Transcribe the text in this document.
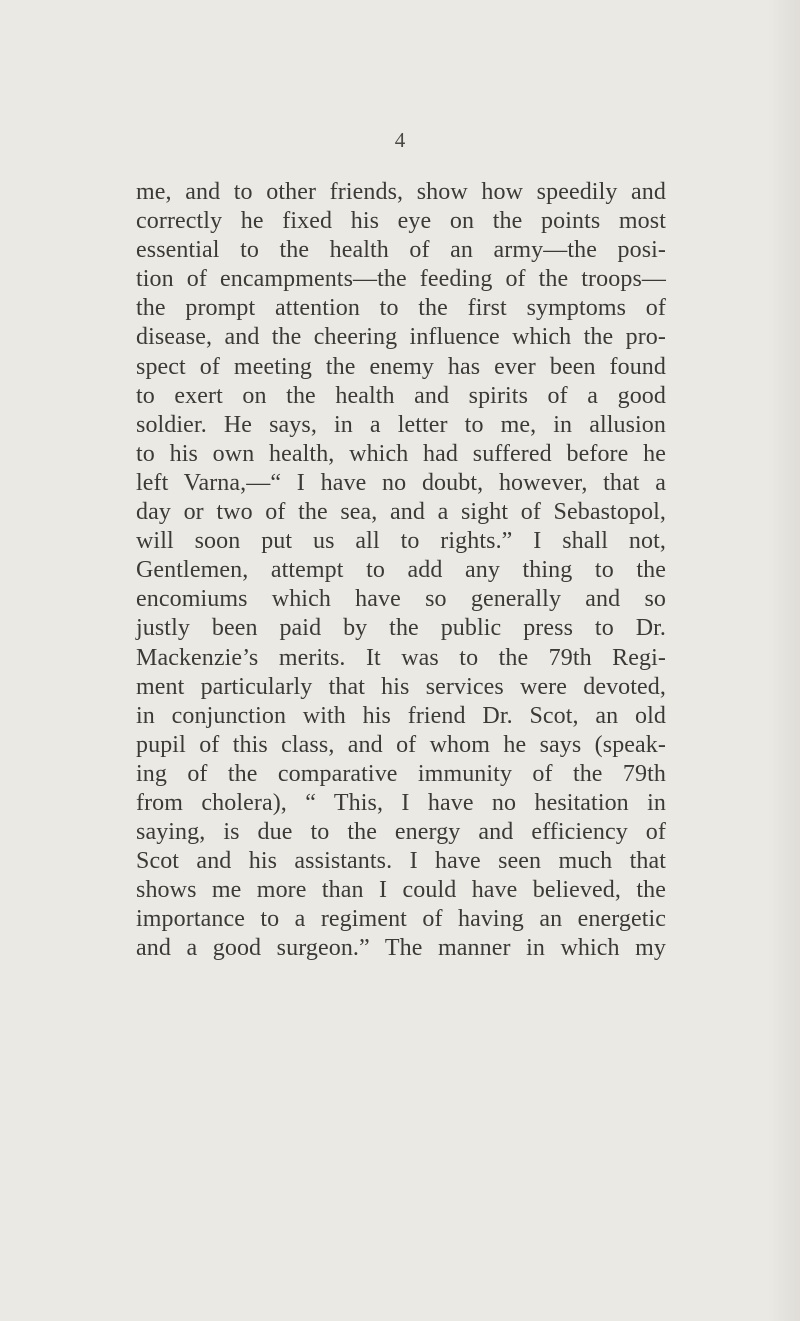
4
me, and to other friends, show how speedily and
correctly he fixed his eye on the points most
essential to the health of an army—the posi-
tion of encampments—the feeding of the troops—
the prompt attention to the first symptoms of
disease, and the cheering influence which the pro-
spect of meeting the enemy has ever been found
to exert on the health and spirits of a good
soldier. He says, in a letter to me, in allusion
to his own health, which had suffered before he
left Varna,—“ I have no doubt, however, that a
day or two of the sea, and a sight of Sebastopol,
will soon put us all to rights.” I shall not,
Gentlemen, attempt to add any thing to the
encomiums which have so generally and so
justly been paid by the public press to Dr.
Mackenzie’s merits. It was to the 79th Regi-
ment particularly that his services were devoted,
in conjunction with his friend Dr. Scot, an old
pupil of this class, and of whom he says (speak-
ing of the comparative immunity of the 79th
from cholera), “ This, I have no hesitation in
saying, is due to the energy and efficiency of
Scot and his assistants. I have seen much that
shows me more than I could have believed, the
importance to a regiment of having an energetic
and a good surgeon.” The manner in which my
